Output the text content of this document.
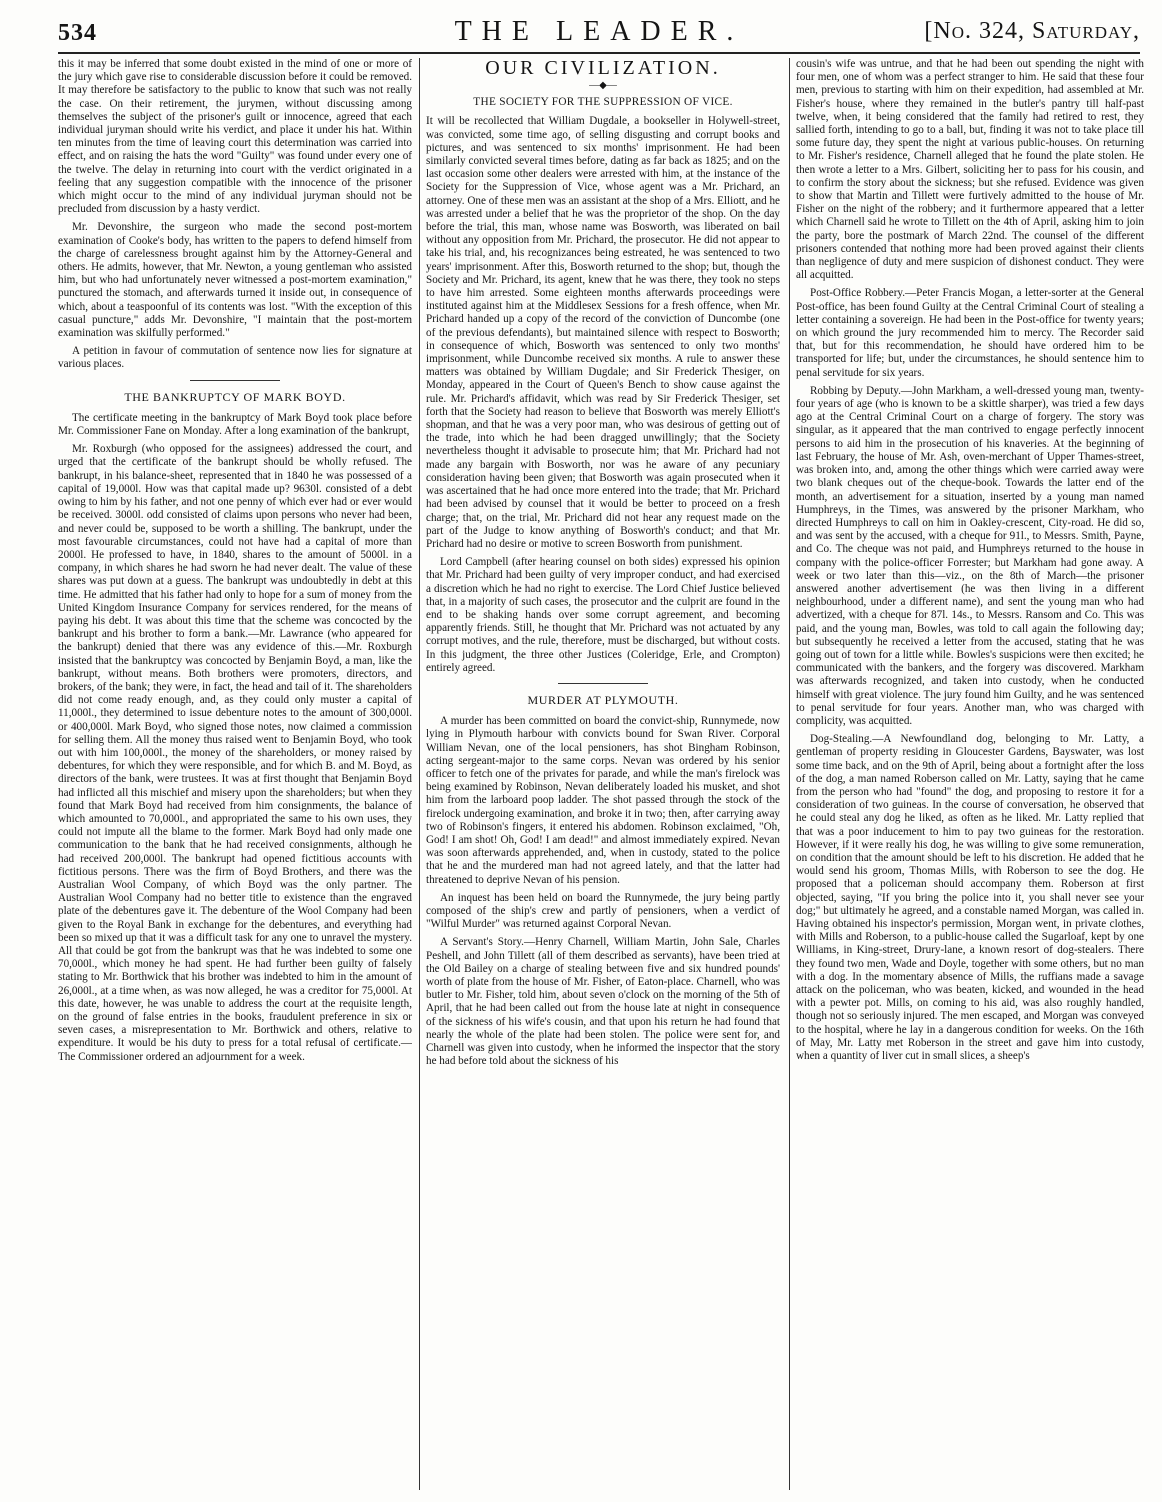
534	THE LEADER.	[No. 324, Saturday,

this it may be inferred that some doubt existed in the mind of one or more of the jury which gave rise to considerable discussion before it could be removed. It may therefore be satisfactory to the public to know that such was not really the case. On their retirement, the jurymen, without discussing among themselves the subject of the prisoner's guilt or innocence, agreed that each individual juryman should write his verdict, and place it under his hat. Within ten minutes from the time of leaving court this determination was carried into effect, and on raising the hats the word "Guilty" was found under every one of the twelve. The delay in returning into court with the verdict originated in a feeling that any suggestion compatible with the innocence of the prisoner which might occur to the mind of any individual juryman should not be precluded from discussion by a hasty verdict.

Mr. Devonshire, the surgeon who made the second post-mortem examination of Cooke's body, has written to the papers to defend himself from the charge of carelessness brought against him by the Attorney-General and others. He admits, however, that Mr. Newton, a young gentleman who assisted him, but who had unfortunately never witnessed a post-mortem examination," punctured the stomach, and afterwards turned it inside out, in consequence of which, about a teaspoonful of its contents was lost. "With the exception of this casual puncture," adds Mr. Devonshire, "I maintain that the post-mortem examination was skilfully performed."

A petition in favour of commutation of sentence now lies for signature at various places.

THE BANKRUPTCY OF MARK BOYD.

The certificate meeting in the bankruptcy of Mark Boyd took place before Mr. Commissioner Fane on Monday. After a long examination of the bankrupt,

Mr. Roxburgh (who opposed for the assignees) addressed the court, and urged that the certificate of the bankrupt should be wholly refused. The bankrupt, in his balance-sheet, represented that in 1840 he was possessed of a capital of 19,000l. How was that capital made up? 9630l. consisted of a debt owing to him by his father, and not one penny of which ever had or ever would be received. 3000l. odd consisted of claims upon persons who never had been, and never could be, supposed to be worth a shilling. The bankrupt, under the most favourable circumstances, could not have had a capital of more than 2000l. He professed to have, in 1840, shares to the amount of 5000l. in a company, in which shares he had sworn he had never dealt. The value of these shares was put down at a guess. The bankrupt was undoubtedly in debt at this time. He admitted that his father had only to hope for a sum of money from the United Kingdom Insurance Company for services rendered, for the means of paying his debt. It was about this time that the scheme was concocted by the bankrupt and his brother to form a bank.—Mr. Lawrance (who appeared for the bankrupt) denied that there was any evidence of this.—Mr. Roxburgh insisted that the bankruptcy was concocted by Benjamin Boyd, a man, like the bankrupt, without means. Both brothers were promoters, directors, and brokers, of the bank; they were, in fact, the head and tail of it. The shareholders did not come ready enough, and, as they could only muster a capital of 11,000l., they determined to issue debenture notes to the amount of 300,000l. or 400,000l. Mark Boyd, who signed those notes, now claimed a commission for selling them. All the money thus raised went to Benjamin Boyd, who took out with him 100,000l., the money of the shareholders, or money raised by debentures, for which they were responsible, and for which B. and M. Boyd, as directors of the bank, were trustees. It was at first thought that Benjamin Boyd had inflicted all this mischief and misery upon the shareholders; but when they found that Mark Boyd had received from him consignments, the balance of which amounted to 70,000l., and appropriated the same to his own uses, they could not impute all the blame to the former. Mark Boyd had only made one communication to the bank that he had received consignments, although he had received 200,000l. The bankrupt had opened fictitious accounts with fictitious persons. There was the firm of Boyd Brothers, and there was the Australian Wool Company, of which Boyd was the only partner. The Australian Wool Company had no better title to existence than the engraved plate of the debentures gave it. The debenture of the Wool Company had been given to the Royal Bank in exchange for the debentures, and everything had been so mixed up that it was a difficult task for any one to unravel the mystery. All that could be got from the bankrupt was that he was indebted to some one 70,000l., which money he had spent. He had further been guilty of falsely stating to Mr. Borthwick that his brother was indebted to him in the amount of 26,000l., at a time when, as was now alleged, he was a creditor for 75,000l. At this date, however, he was unable to address the court at the requisite length, on the ground of false entries in the books, fraudulent preference in six or seven cases, a misrepresentation to Mr. Borthwick and others, relative to expenditure. It would be his duty to press for a total refusal of certificate.—The Commissioner ordered an adjournment for a week.

OUR CIVILIZATION.
—◆—
THE SOCIETY FOR THE SUPPRESSION OF VICE.

It will be recollected that William Dugdale, a bookseller in Holywell-street, was convicted, some time ago, of selling disgusting and corrupt books and pictures, and was sentenced to six months' imprisonment. He had been similarly convicted several times before, dating as far back as 1825; and on the last occasion some other dealers were arrested with him, at the instance of the Society for the Suppression of Vice, whose agent was a Mr. Prichard, an attorney. One of these men was an assistant at the shop of a Mrs. Elliott, and he was arrested under a belief that he was the proprietor of the shop. On the day before the trial, this man, whose name was Bosworth, was liberated on bail without any opposition from Mr. Prichard, the prosecutor. He did not appear to take his trial, and, his recognizances being estreated, he was sentenced to two years' imprisonment. After this, Bosworth returned to the shop; but, though the Society and Mr. Prichard, its agent, knew that he was there, they took no steps to have him arrested. Some eighteen months afterwards proceedings were instituted against him at the Middlesex Sessions for a fresh offence, when Mr. Prichard handed up a copy of the record of the conviction of Duncombe (one of the previous defendants), but maintained silence with respect to Bosworth; in consequence of which, Bosworth was sentenced to only two months' imprisonment, while Duncombe received six months. A rule to answer these matters was obtained by William Dugdale; and Sir Frederick Thesiger, on Monday, appeared in the Court of Queen's Bench to show cause against the rule. Mr. Prichard's affidavit, which was read by Sir Frederick Thesiger, set forth that the Society had reason to believe that Bosworth was merely Elliott's shopman, and that he was a very poor man, who was desirous of getting out of the trade, into which he had been dragged unwillingly; that the Society nevertheless thought it advisable to prosecute him; that Mr. Prichard had not made any bargain with Bosworth, nor was he aware of any pecuniary consideration having been given; that Bosworth was again prosecuted when it was ascertained that he had once more entered into the trade; that Mr. Prichard had been advised by counsel that it would be better to proceed on a fresh charge; that, on the trial, Mr. Prichard did not hear any request made on the part of the Judge to know anything of Bosworth's conduct; and that Mr. Prichard had no desire or motive to screen Bosworth from punishment.

Lord Campbell (after hearing counsel on both sides) expressed his opinion that Mr. Prichard had been guilty of very improper conduct, and had exercised a discretion which he had no right to exercise. The Lord Chief Justice believed that, in a majority of such cases, the prosecutor and the culprit are found in the end to be shaking hands over some corrupt agreement, and becoming apparently friends. Still, he thought that Mr. Prichard was not actuated by any corrupt motives, and the rule, therefore, must be discharged, but without costs. In this judgment, the three other Justices (Coleridge, Erle, and Crompton) entirely agreed.

MURDER AT PLYMOUTH.

A murder has been committed on board the convict-ship, Runnymede, now lying in Plymouth harbour with convicts bound for Swan River. Corporal William Nevan, one of the local pensioners, has shot Bingham Robinson, acting sergeant-major to the same corps. Nevan was ordered by his senior officer to fetch one of the privates for parade, and while the man's firelock was being examined by Robinson, Nevan deliberately loaded his musket, and shot him from the larboard poop ladder. The shot passed through the stock of the firelock undergoing examination, and broke it in two; then, after carrying away two of Robinson's fingers, it entered his abdomen. Robinson exclaimed, "Oh, God! I am shot! Oh, God! I am dead!" and almost immediately expired. Nevan was soon afterwards apprehended, and, when in custody, stated to the police that he and the murdered man had not agreed lately, and that the latter had threatened to deprive Nevan of his pension.

An inquest has been held on board the Runnymede, the jury being partly composed of the ship's crew and partly of pensioners, when a verdict of "Wilful Murder" was returned against Corporal Nevan.

A Servant's Story.—Henry Charnell, William Martin, John Sale, Charles Peshell, and John Tillett (all of them described as servants), have been tried at the Old Bailey on a charge of stealing between five and six hundred pounds' worth of plate from the house of Mr. Fisher, of Eaton-place. Charnell, who was butler to Mr. Fisher, told him, about seven o'clock on the morning of the 5th of April, that he had been called out from the house late at night in consequence of the sickness of his wife's cousin, and that upon his return he had found that nearly the whole of the plate had been stolen. The police were sent for, and Charnell was given into custody, when he informed the inspector that the story he had before told about the sickness of his

cousin's wife was untrue, and that he had been out spending the night with four men, one of whom was a perfect stranger to him. He said that these four men, previous to starting with him on their expedition, had assembled at Mr. Fisher's house, where they remained in the butler's pantry till half-past twelve, when, it being considered that the family had retired to rest, they sallied forth, intending to go to a ball, but, finding it was not to take place till some future day, they spent the night at various public-houses. On returning to Mr. Fisher's residence, Charnell alleged that he found the plate stolen. He then wrote a letter to a Mrs. Gilbert, soliciting her to pass for his cousin, and to confirm the story about the sickness; but she refused. Evidence was given to show that Martin and Tillett were furtively admitted to the house of Mr. Fisher on the night of the robbery; and it furthermore appeared that a letter which Charnell said he wrote to Tillett on the 4th of April, asking him to join the party, bore the postmark of March 22nd. The counsel of the different prisoners contended that nothing more had been proved against their clients than negligence of duty and mere suspicion of dishonest conduct. They were all acquitted.

Post-Office Robbery.—Peter Francis Mogan, a letter-sorter at the General Post-office, has been found Guilty at the Central Criminal Court of stealing a letter containing a sovereign. He had been in the Post-office for twenty years; on which ground the jury recommended him to mercy. The Recorder said that, but for this recommendation, he should have ordered him to be transported for life; but, under the circumstances, he should sentence him to penal servitude for six years.

Robbing by Deputy.—John Markham, a well-dressed young man, twenty-four years of age (who is known to be a skittle sharper), was tried a few days ago at the Central Criminal Court on a charge of forgery. The story was singular, as it appeared that the man contrived to engage perfectly innocent persons to aid him in the prosecution of his knaveries. At the beginning of last February, the house of Mr. Ash, oven-merchant of Upper Thames-street, was broken into, and, among the other things which were carried away were two blank cheques out of the cheque-book. Towards the latter end of the month, an advertisement for a situation, inserted by a young man named Humphreys, in the Times, was answered by the prisoner Markham, who directed Humphreys to call on him in Oakley-crescent, City-road. He did so, and was sent by the accused, with a cheque for 91l., to Messrs. Smith, Payne, and Co. The cheque was not paid, and Humphreys returned to the house in company with the police-officer Forrester; but Markham had gone away. A week or two later than this—viz., on the 8th of March—the prisoner answered another advertisement (he was then living in a different neighbourhood, under a different name), and sent the young man who had advertized, with a cheque for 87l. 14s., to Messrs. Ransom and Co. This was paid, and the young man, Bowles, was told to call again the following day; but subsequently he received a letter from the accused, stating that he was going out of town for a little while. Bowles's suspicions were then excited; he communicated with the bankers, and the forgery was discovered. Markham was afterwards recognized, and taken into custody, when he conducted himself with great violence. The jury found him Guilty, and he was sentenced to penal servitude for four years. Another man, who was charged with complicity, was acquitted.

Dog-Stealing.—A Newfoundland dog, belonging to Mr. Latty, a gentleman of property residing in Gloucester Gardens, Bayswater, was lost some time back, and on the 9th of April, being about a fortnight after the loss of the dog, a man named Roberson called on Mr. Latty, saying that he came from the person who had "found" the dog, and proposing to restore it for a consideration of two guineas. In the course of conversation, he observed that he could steal any dog he liked, as often as he liked. Mr. Latty replied that that was a poor inducement to him to pay two guineas for the restoration. However, if it were really his dog, he was willing to give some remuneration, on condition that the amount should be left to his discretion. He added that he would send his groom, Thomas Mills, with Roberson to see the dog. He proposed that a policeman should accompany them. Roberson at first objected, saying, "If you bring the police into it, you shall never see your dog;" but ultimately he agreed, and a constable named Morgan, was called in. Having obtained his inspector's permission, Morgan went, in private clothes, with Mills and Roberson, to a public-house called the Sugarloaf, kept by one Williams, in King-street, Drury-lane, a known resort of dog-stealers. There they found two men, Wade and Doyle, together with some others, but no man with a dog. In the momentary absence of Mills, the ruffians made a savage attack on the policeman, who was beaten, kicked, and wounded in the head with a pewter pot. Mills, on coming to his aid, was also roughly handled, though not so seriously injured. The men escaped, and Morgan was conveyed to the hospital, where he lay in a dangerous condition for weeks. On the 16th of May, Mr. Latty met Roberson in the street and gave him into custody, when a quantity of liver cut in small slices, a sheep's
